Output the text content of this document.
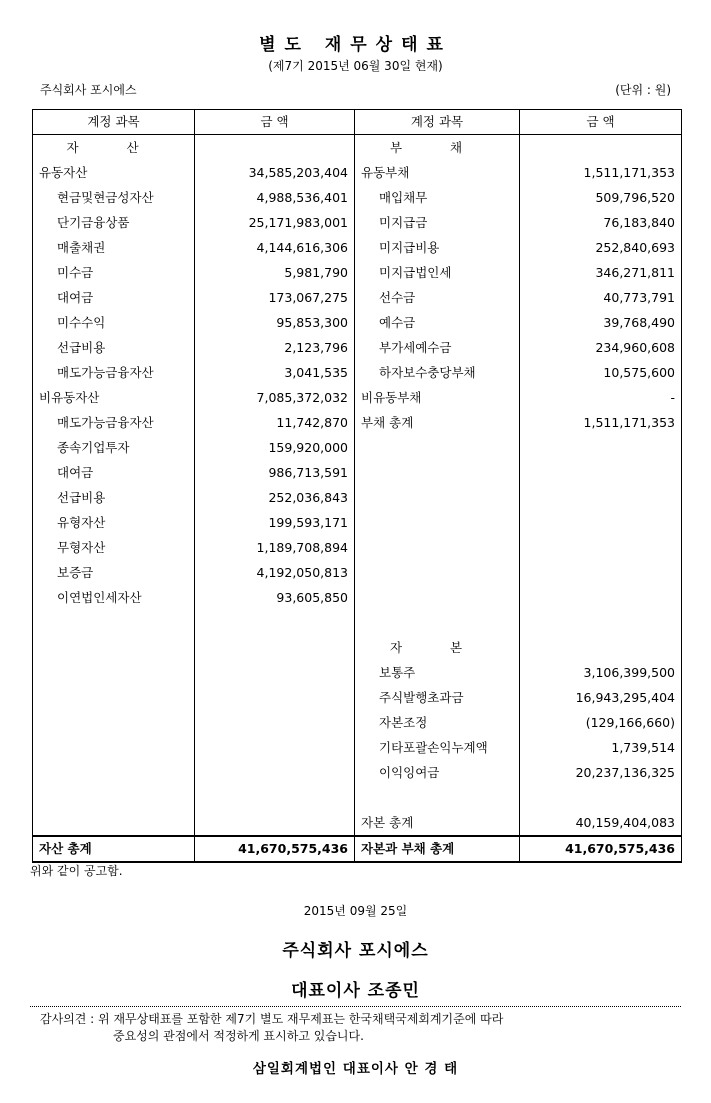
별도 재무상태표
(제7기 2015년 06월 30일 현재)
주식회사 포시에스	(단위 : 원)
계정 과목	금 액	계정 과목	금 액
자 산		부 채	
유동자산	34,585,203,404	유동부채	1,511,171,353
현금및현금성자산	4,988,536,401	매입채무	509,796,520
단기금융상품	25,171,983,001	미지급금	76,183,840
매출채권	4,144,616,306	미지급비용	252,840,693
미수금	5,981,790	미지급법인세	346,271,811
대여금	173,067,275	선수금	40,773,791
미수수익	95,853,300	예수금	39,768,490
선급비용	2,123,796	부가세예수금	234,960,608
매도가능금융자산	3,041,535	하자보수충당부채	10,575,600
비유동자산	7,085,372,032	비유동부채	-
매도가능금융자산	11,742,870	부채 총계	1,511,171,353
종속기업투자	159,920,000		
대여금	986,713,591		
선급비용	252,036,843		
유형자산	199,593,171		
무형자산	1,189,708,894		
보증금	4,192,050,813		
이연법인세자산	93,605,850		

		자 본	
		보통주	3,106,399,500
		주식발행초과금	16,943,295,404
		자본조정	(129,166,660)
		기타포괄손익누계액	1,739,514
		이익잉여금	20,237,136,325

		자본 총계	40,159,404,083
자산 총계	41,670,575,436	자본과 부채 총계	41,670,575,436
위와 같이 공고함.
2015년 09월 25일
주식회사 포시에스
대표이사 조종민
감사의견 : 위 재무상태표를 포함한 제7기 별도 재무제표는 한국채택국제회계기준에 따라
중요성의 관점에서 적정하게 표시하고 있습니다.
삼일회계법인 대표이사 안 경 태
